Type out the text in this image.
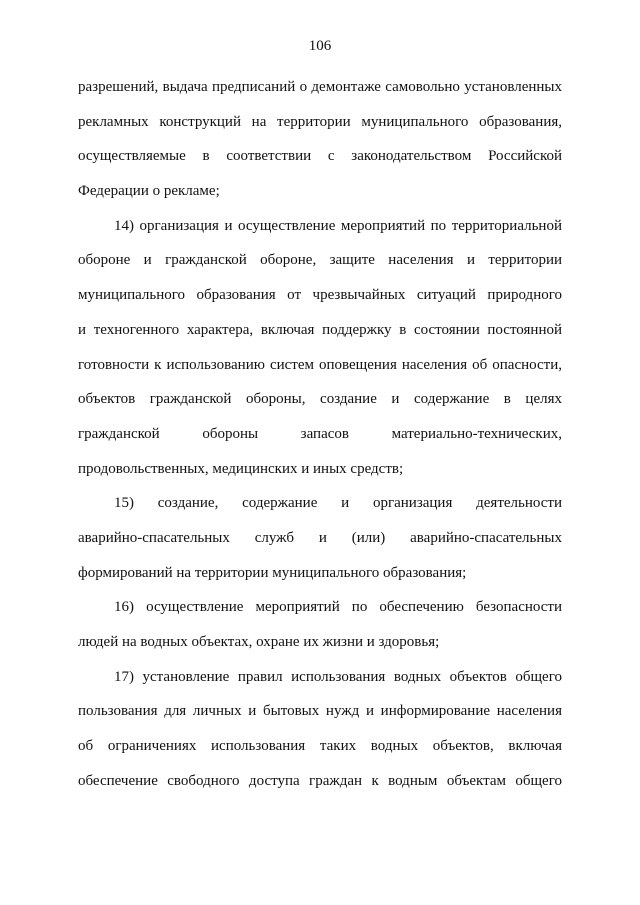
106

разрешений, выдача предписаний о демонтаже самовольно установленных
рекламных конструкций на территории муниципального образования,
осуществляемые в соответствии с законодательством Российской
Федерации о рекламе;

14) организация и осуществление мероприятий по территориальной
обороне и гражданской обороне, защите населения и территории
муниципального образования от чрезвычайных ситуаций природного
и техногенного характера, включая поддержку в состоянии постоянной
готовности к использованию систем оповещения населения об опасности,
объектов гражданской обороны, создание и содержание в целях
гражданской обороны запасов материально-технических,
продовольственных, медицинских и иных средств;

15) создание, содержание и организация деятельности
аварийно-спасательных служб и (или) аварийно-спасательных
формирований на территории муниципального образования;

16) осуществление мероприятий по обеспечению безопасности
людей на водных объектах, охране их жизни и здоровья;

17) установление правил использования водных объектов общего
пользования для личных и бытовых нужд и информирование населения
об ограничениях использования таких водных объектов, включая
обеспечение свободного доступа граждан к водным объектам общего
